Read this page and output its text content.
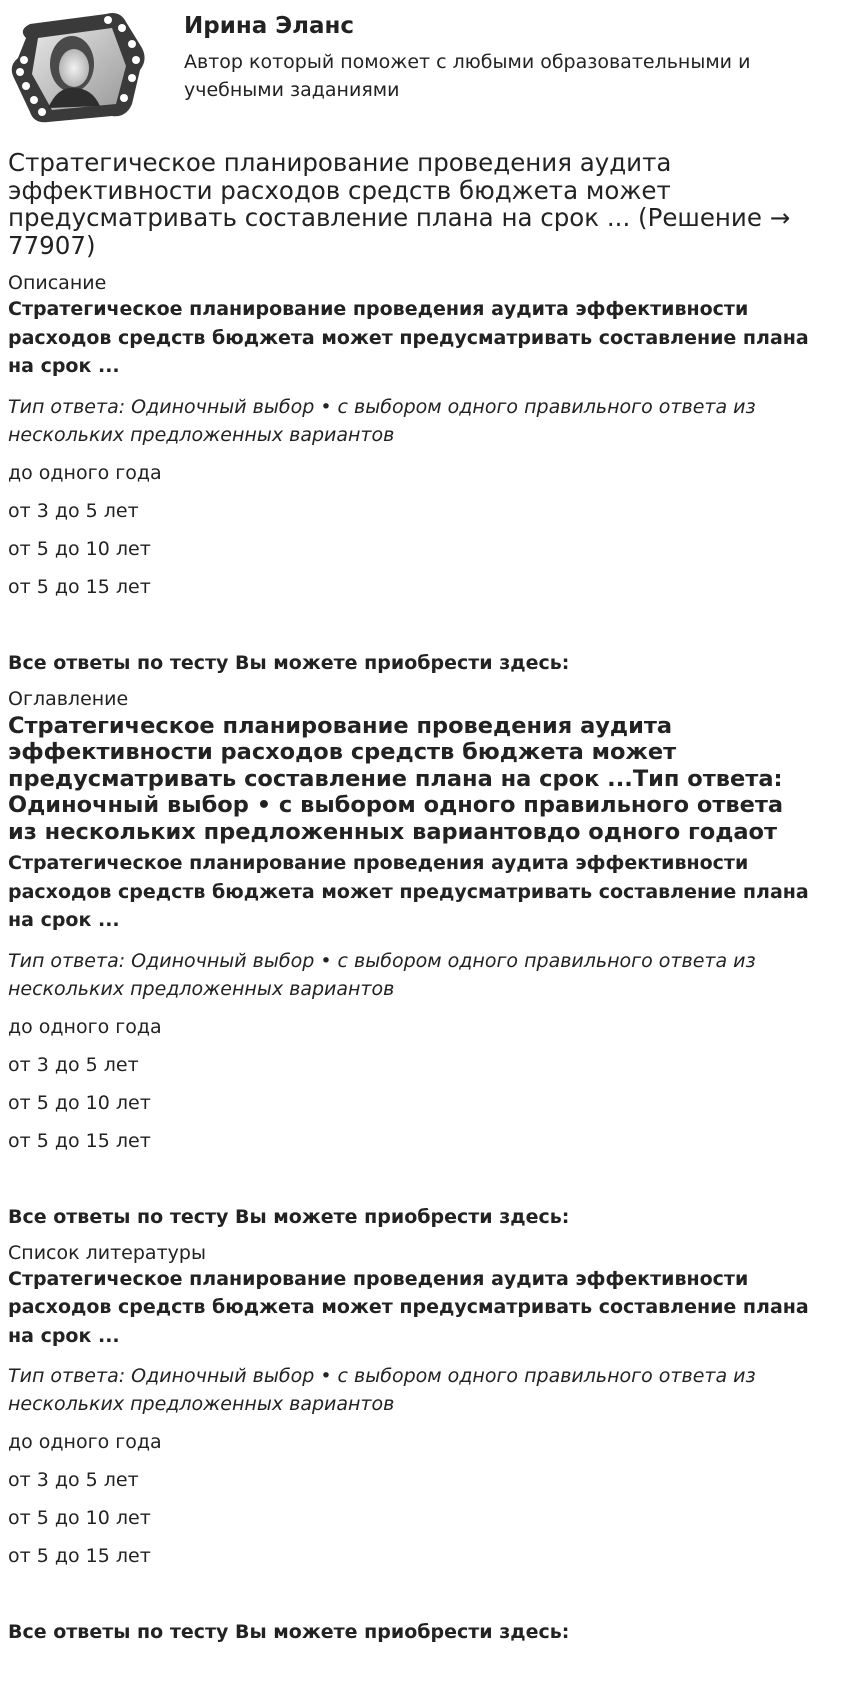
Ирина Эланс
Автор который поможет с любыми образовательными и учебными заданиями
Стратегическое планирование проведения аудита эффективности расходов средств бюджета может предусматривать составление плана на срок ... (Решение → 77907)
Описание
Стратегическое планирование проведения аудита эффективности расходов средств бюджета может предусматривать составление плана на срок ...
Тип ответа: Одиночный выбор • с выбором одного правильного ответа из нескольких предложенных вариантов
до одного года
от 3 до 5 лет
от 5 до 10 лет
от 5 до 15 лет
Все ответы по тесту Вы можете приобрести здесь:
Оглавление
Стратегическое планирование проведения аудита эффективности расходов средств бюджета может предусматривать составление плана на срок ...Тип ответа: Одиночный выбор • с выбором одного правильного ответа из нескольких предложенных вариантовдо одного годаот
Стратегическое планирование проведения аудита эффективности расходов средств бюджета может предусматривать составление плана на срок ...
Тип ответа: Одиночный выбор • с выбором одного правильного ответа из нескольких предложенных вариантов
до одного года
от 3 до 5 лет
от 5 до 10 лет
от 5 до 15 лет
Все ответы по тесту Вы можете приобрести здесь:
Список литературы
Стратегическое планирование проведения аудита эффективности расходов средств бюджета может предусматривать составление плана на срок ...
Тип ответа: Одиночный выбор • с выбором одного правильного ответа из нескольких предложенных вариантов
до одного года
от 3 до 5 лет
от 5 до 10 лет
от 5 до 15 лет
Все ответы по тесту Вы можете приобрести здесь:
